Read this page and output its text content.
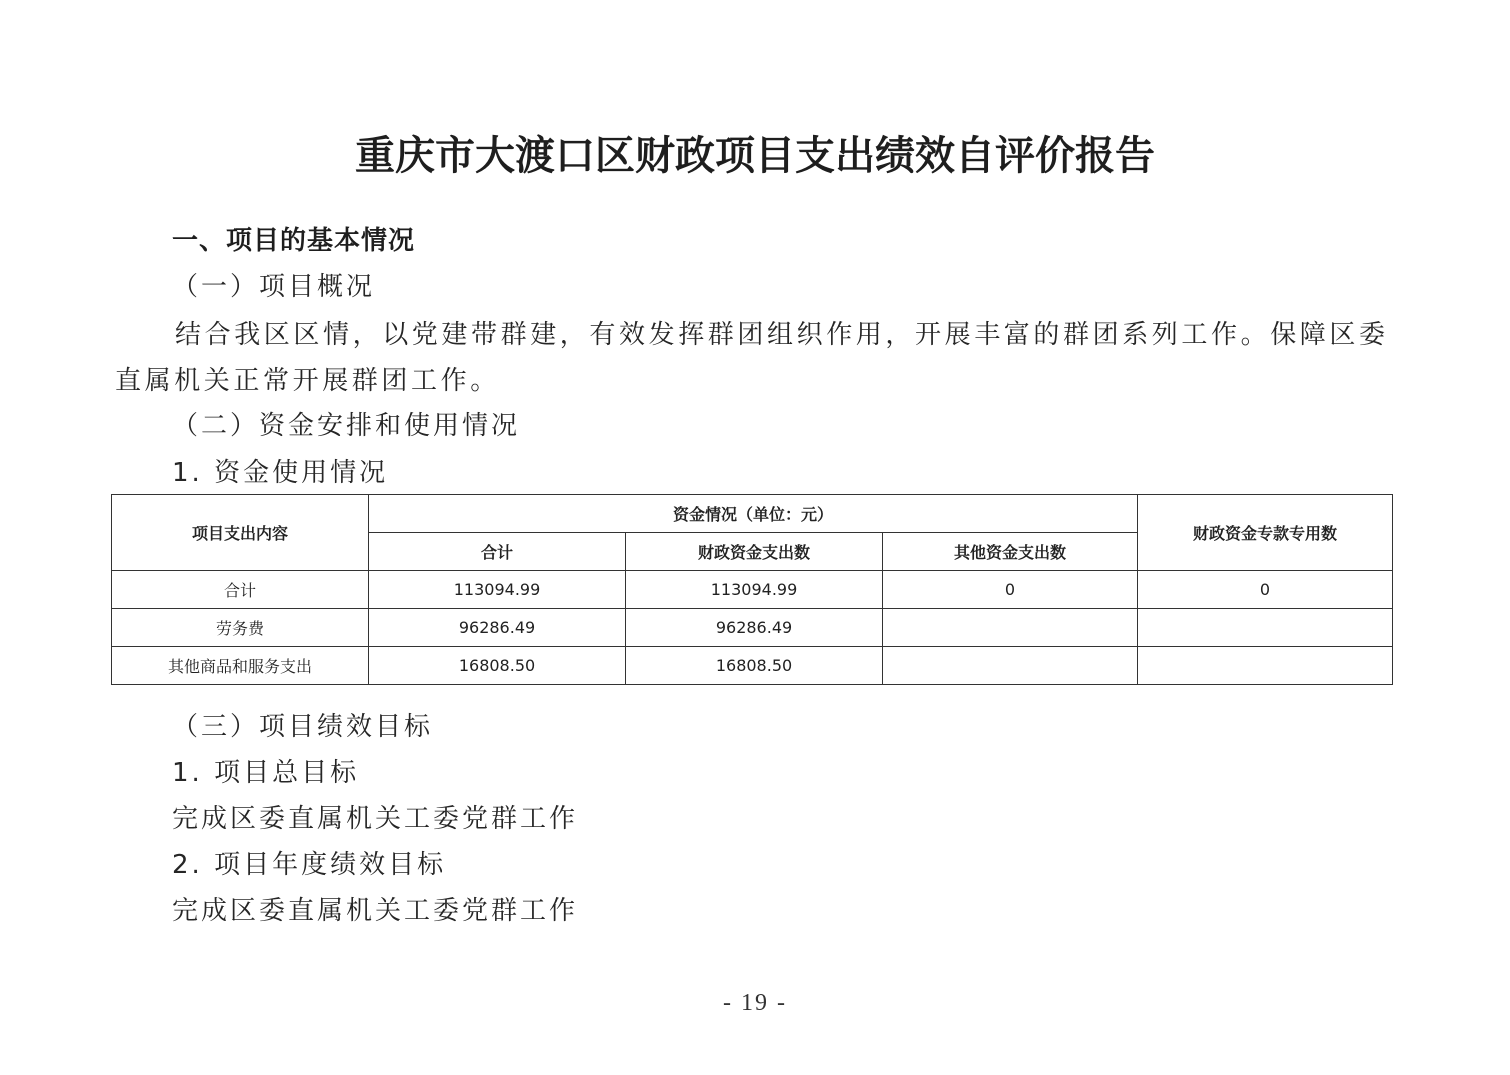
重庆市大渡口区财政项目支出绩效自评价报告
一、项目的基本情况
（一）项目概况
结合我区区情，以党建带群建，有效发挥群团组织作用，开展丰富的群团系列工作。保障区委直属机关正常开展群团工作。
（二）资金安排和使用情况
1. 资金使用情况
项目支出内容	资金情况（单位：元）			财政资金专款专用数
	合计	财政资金支出数	其他资金支出数	
合计	113094.99	113094.99	0	0
劳务费	96286.49	96286.49		
其他商品和服务支出	16808.50	16808.50		
（三）项目绩效目标
1. 项目总目标
完成区委直属机关工委党群工作
2. 项目年度绩效目标
完成区委直属机关工委党群工作
- 19 -
